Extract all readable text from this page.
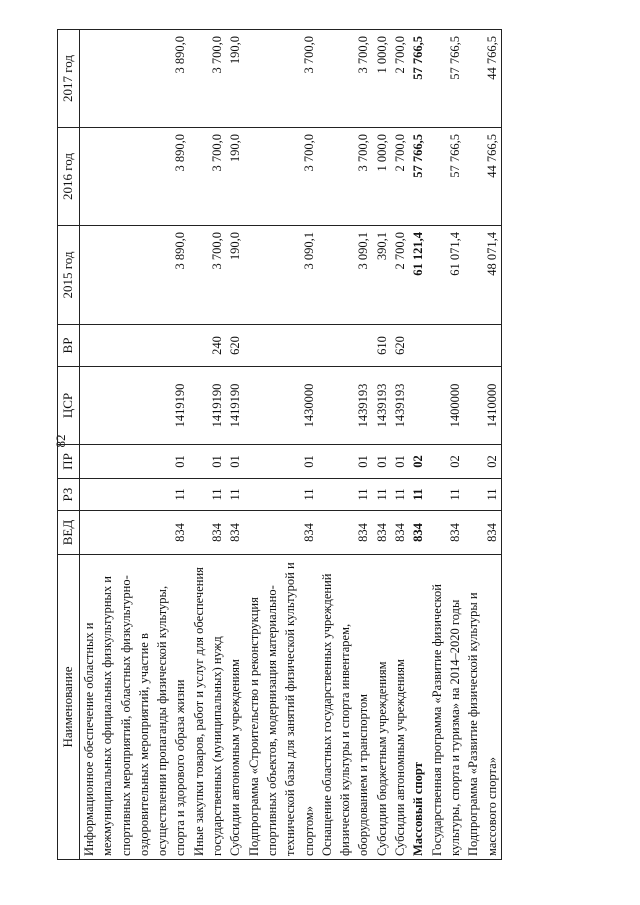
82
Наименование	ВЕД	РЗ	ПР	ЦСР	ВР	2015 год	2016 год	2017 год
Информационное обеспечение областных и межмуниципальных официальных физкультурных и спортивных мероприятий, областных физкультурно-оздоровительных мероприятий, участие в осуществлении пропаганды физической культуры, спорта и здорового образа жизни	834	11	01	1419190		3 890,0	3 890,0	3 890,0
Иные закупки товаров, работ и услуг для обеспечения государственных (муниципальных) нужд	834	11	01	1419190	240	3 700,0	3 700,0	3 700,0
Субсидии автономным учреждениям	834	11	01	1419190	620	190,0	190,0	190,0
Подпрограмма «Строительство и реконструкция спортивных объектов, модернизация материально-технической базы для занятий физической культурой и спортом»	834	11	01	1430000		3 090,1	3 700,0	3 700,0
Оснащение областных государственных учреждений физической культуры и спорта инвентарем, оборудованием и транспортом	834	11	01	1439193		3 090,1	3 700,0	3 700,0
Субсидии бюджетным учреждениям	834	11	01	1439193	610	390,1	1 000,0	1 000,0
Субсидии автономным учреждениям	834	11	01	1439193	620	2 700,0	2 700,0	2 700,0
Массовый спорт	834	11	02			61 121,4	57 766,5	57 766,5
Государственная программа «Развитие физической культуры, спорта и туризма» на 2014–2020 годы	834	11	02	1400000		61 071,4	57 766,5	57 766,5
Подпрограмма «Развитие физической культуры и массового спорта»	834	11	02	1410000		48 071,4	44 766,5	44 766,5
